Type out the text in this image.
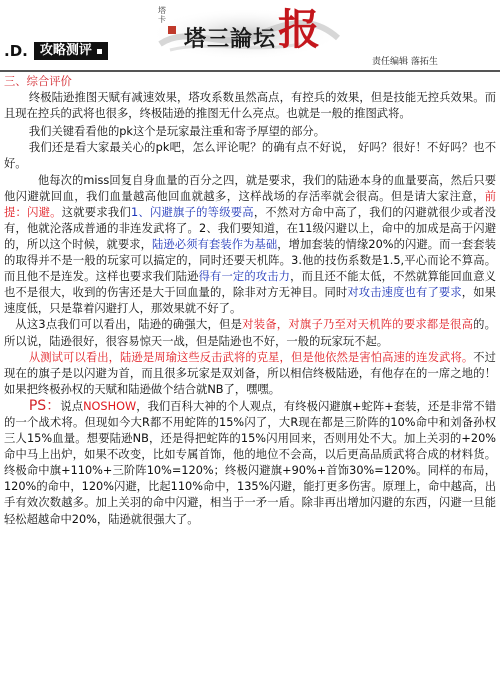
塔卡
塔三論坛 报
.D. 攻略测评
责任编辑 落拓生

三、综合评价

终极陆逊推图天赋有减速效果，塔攻系数虽然高点，有控兵的效果，但是技能无控兵效果。而且现在控兵的武将也很多，终极陆逊的推图无什么亮点。也就是一般的推图武将。

我们关键看看他的pk这个是玩家最注重和寄予厚望的部分。

我们还是看大家最关心的pk吧，怎么评论呢？的确有点不好说， 好吗？很好！不好吗？也不好。

他每次的miss回复自身血量的百分之四，就是要求，我们的陆逊本身的血量要高，然后只要他闪避就回血，我们血量越高他回血就越多，这样战场的存活率就会很高。但是请大家注意，前提：闪避。这就要求我们1、闪避旗子的等级要高，不然对方命中高了，我们的闪避就很少或者没有，他就沦落成普通的非连发武将了。2、我们要知道，在11级闪避以上，命中的加成是高于闪避的，所以这个时候，就要求，陆逊必须有套装作为基础，增加套装的情缘20%的闪避。而一套套装的取得并不是一般的玩家可以搞定的，同时还要天机阵。3.他的技伤系数是1.5,平心而论不算高。而且他不是连发。这样也要求我们陆逊得有一定的攻击力，而且还不能太低，不然就算能回血意义也不是很大，收到的伤害还是大于回血量的，除非对方无神目。同时对攻击速度也有了要求，如果速度低，只是靠着闪避打人，那效果就不好了。

从这3点我们可以看出，陆逊的确强大，但是对装备，对旗子乃至对天机阵的要求都是很高的。所以说，陆逊很好，很容易惊天一战，但是陆逊也不好，一般的玩家玩不起。

从测试可以看出，陆逊是周瑜这些反击武将的克星，但是他依然是害怕高速的连发武将。不过现在的旗子是以闪避为首，而且很多玩家是双刘备，所以相信终极陆逊，有他存在的一席之地的！如果把终极孙权的天赋和陆逊做个结合就NB了，嘿嘿。

PS：说点NOSHOW，我们百科大神的个人观点，有终极闪避旗+蛇阵+套装，还是非常不错的一个战术将。但现如今大R都不用蛇阵的15%闪了，大R现在都是三阶阵的10%命中和刘备孙权三人15%血量。想要陆逊NB，还是得把蛇阵的15%闪用回来，否则用处不大。加上关羽的+20%命中马上出炉，如果不改变，比如专属首饰，他的地位不会高，以后更高品质武将合成的材料货。终极命中旗+110%+三阶阵10%=120%；终极闪避旗+90%+首饰30%=120%。同样的布局，120%的命中，120%闪避，比起110%命中，135%闪避，能打更多伤害。原理上，命中越高，出手有效次数越多。加上关羽的命中闪避，相当于一矛一盾。除非再出增加闪避的东西，闪避一旦能轻松超越命中20%，陆逊就很强大了。
